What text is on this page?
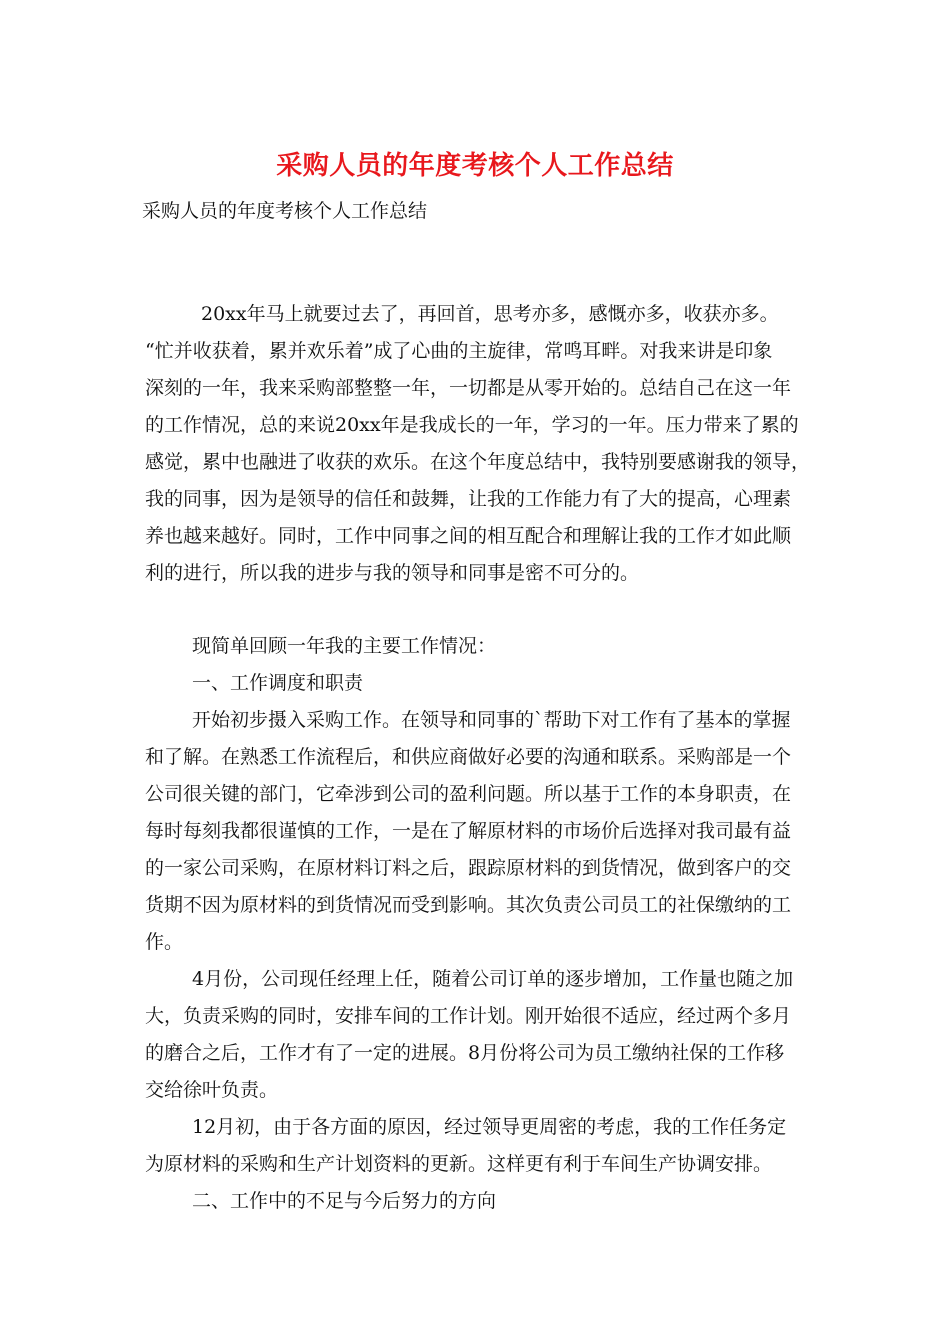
采购人员的年度考核个人工作总结
采购人员的年度考核个人工作总结
20xx年马上就要过去了，再回首，思考亦多，感慨亦多，收获亦多。
“忙并收获着，累并欢乐着”成了心曲的主旋律，常鸣耳畔。对我来讲是印象
深刻的一年，我来采购部整整一年，一切都是从零开始的。总结自己在这一年
的工作情况，总的来说20xx年是我成长的一年，学习的一年。压力带来了累的
感觉，累中也融进了收获的欢乐。在这个年度总结中，我特别要感谢我的领导，
我的同事，因为是领导的信任和鼓舞，让我的工作能力有了大的提高，心理素
养也越来越好。同时，工作中同事之间的相互配合和理解让我的工作才如此顺
利的进行，所以我的进步与我的领导和同事是密不可分的。
现简单回顾一年我的主要工作情况：
一、工作调度和职责
开始初步摄入采购工作。在领导和同事的`帮助下对工作有了基本的掌握
和了解。在熟悉工作流程后，和供应商做好必要的沟通和联系。采购部是一个
公司很关键的部门，它牵涉到公司的盈利问题。所以基于工作的本身职责，在
每时每刻我都很谨慎的工作，一是在了解原材料的市场价后选择对我司最有益
的一家公司采购，在原材料订料之后，跟踪原材料的到货情况，做到客户的交
货期不因为原材料的到货情况而受到影响。其次负责公司员工的社保缴纳的工
作。
4月份，公司现任经理上任，随着公司订单的逐步增加，工作量也随之加
大，负责采购的同时，安排车间的工作计划。刚开始很不适应，经过两个多月
的磨合之后，工作才有了一定的进展。8月份将公司为员工缴纳社保的工作移
交给徐叶负责。
12月初，由于各方面的原因，经过领导更周密的考虑，我的工作任务定
为原材料的采购和生产计划资料的更新。这样更有利于车间生产协调安排。
二、工作中的不足与今后努力的方向
